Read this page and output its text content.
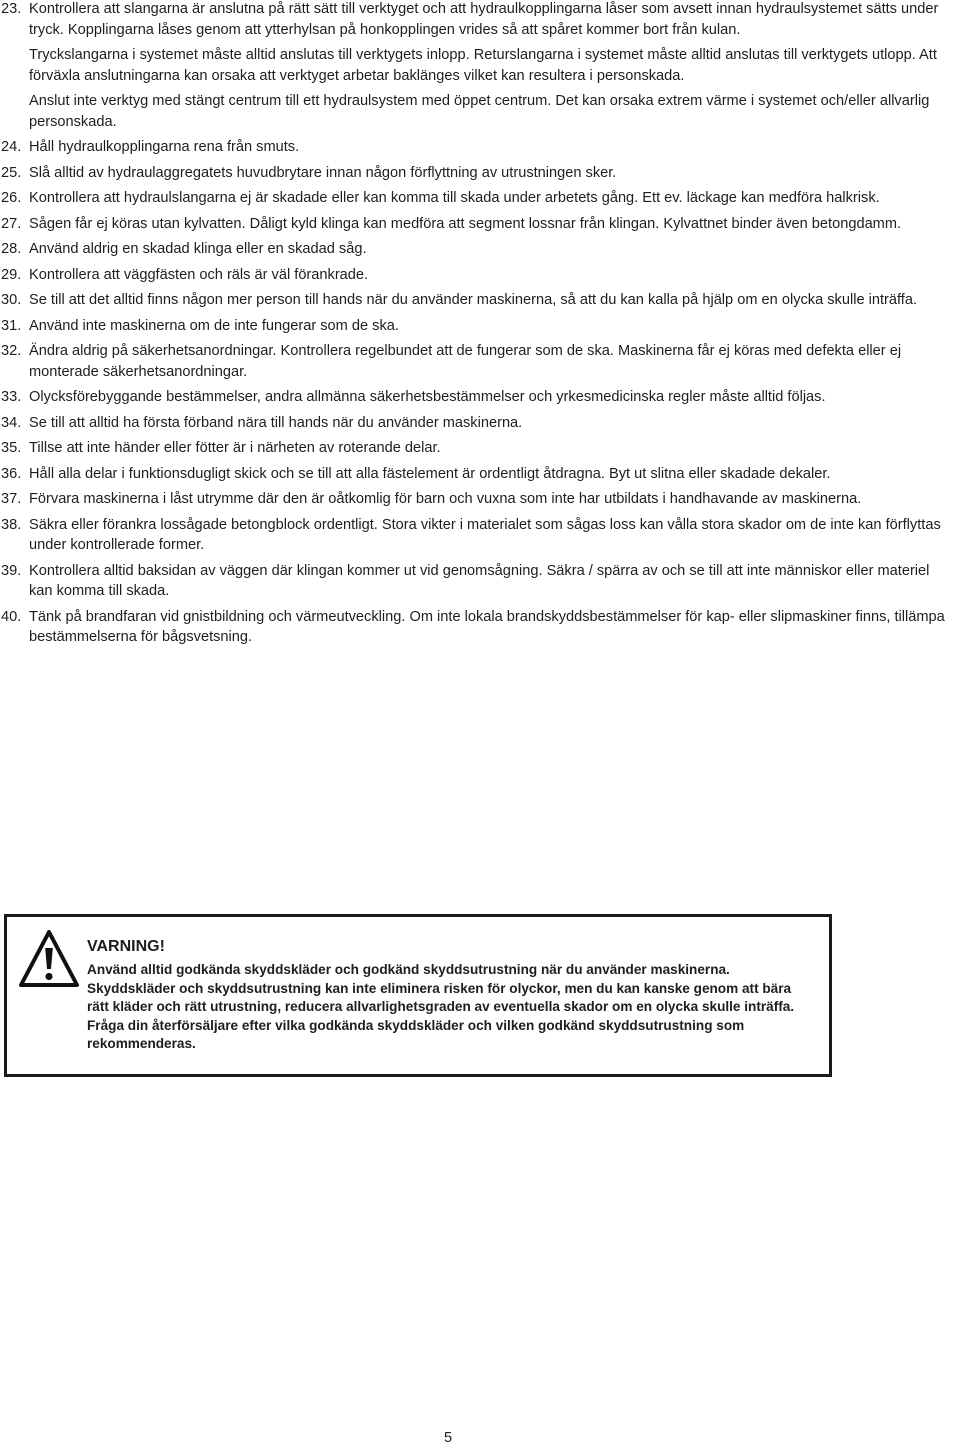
23. Kontrollera att slangarna är anslutna på rätt sätt till verktyget och att hydraulkopplingarna låser som avsett innan hydraulsystemet sätts under tryck. Kopplingarna låses genom att ytterhylsan på honkopplingen vrides så att spåret kommer bort från kulan.

Tryckslangarna i systemet måste alltid anslutas till verktygets inlopp. Returslangarna i systemet måste alltid anslutas till verktygets utlopp. Att förväxla anslutningarna kan orsaka att verktyget arbetar baklänges vilket kan resultera i personskada.

Anslut inte verktyg med stängt centrum till ett hydraulsystem med öppet centrum. Det kan orsaka extrem värme i systemet och/eller allvarlig personskada.

24. Håll hydraulkopplingarna rena från smuts.

25. Slå alltid av hydraulaggregatets huvudbrytare innan någon förflyttning av utrustningen sker.

26. Kontrollera att hydraulslangarna ej är skadade eller kan komma till skada under arbetets gång. Ett ev. läckage kan medföra halkrisk.

27. Sågen får ej köras utan kylvatten. Dåligt kyld klinga kan medföra att segment lossnar från klingan. Kylvattnet binder även betongdamm.

28. Använd aldrig en skadad klinga eller en skadad såg.

29. Kontrollera att väggfästen och räls är väl förankrade.

30. Se till att det alltid finns någon mer person till hands när du använder maskinerna, så att du kan kalla på hjälp om en olycka skulle inträffa.

31. Använd inte maskinerna om de inte fungerar som de ska.

32. Ändra aldrig på säkerhetsanordningar. Kontrollera regelbundet att de fungerar som de ska. Maskinerna får ej köras med defekta eller ej monterade säkerhetsanordningar.

33. Olycksförebyggande bestämmelser, andra allmänna säkerhetsbestämmelser och yrkesmedicinska regler måste alltid följas.

34. Se till att alltid ha första förband nära till hands när du använder maskinerna.

35. Tillse att inte händer eller fötter är i närheten av roterande delar.

36. Håll alla delar i funktionsdugligt skick och se till att alla fästelement är ordentligt åtdragna. Byt ut slitna eller skadade dekaler.

37. Förvara maskinerna i låst utrymme där den är oåtkomlig för barn och vuxna som inte har utbildats i handhavande av maskinerna.

38. Säkra eller förankra lossågade betongblock ordentligt. Stora vikter i materialet som sågas loss kan vålla stora skador om de inte kan förflyttas under kontrollerade former.

39. Kontrollera alltid baksidan av väggen där klingan kommer ut vid genomsågning. Säkra / spärra av och se till att inte människor eller materiel kan komma till skada.

40. Tänk på brandfaran vid gnistbildning och värmeutveckling. Om inte lokala brandskyddsbestämmelser för kap- eller slipmaskiner finns, tillämpa bestämmelserna för bågsvetsning.

VARNING!
Använd alltid godkända skyddskläder och godkänd skyddsutrustning när du använder maskinerna. Skyddskläder och skyddsutrustning kan inte eliminera risken för olyckor, men du kan kanske genom att bära rätt kläder och rätt utrustning, reducera allvarlighetsgraden av eventuella skador om en olycka skulle inträffa. Fråga din återförsäljare efter vilka godkända skyddskläder och vilken godkänd skyddsutrustning som rekommenderas.
5
